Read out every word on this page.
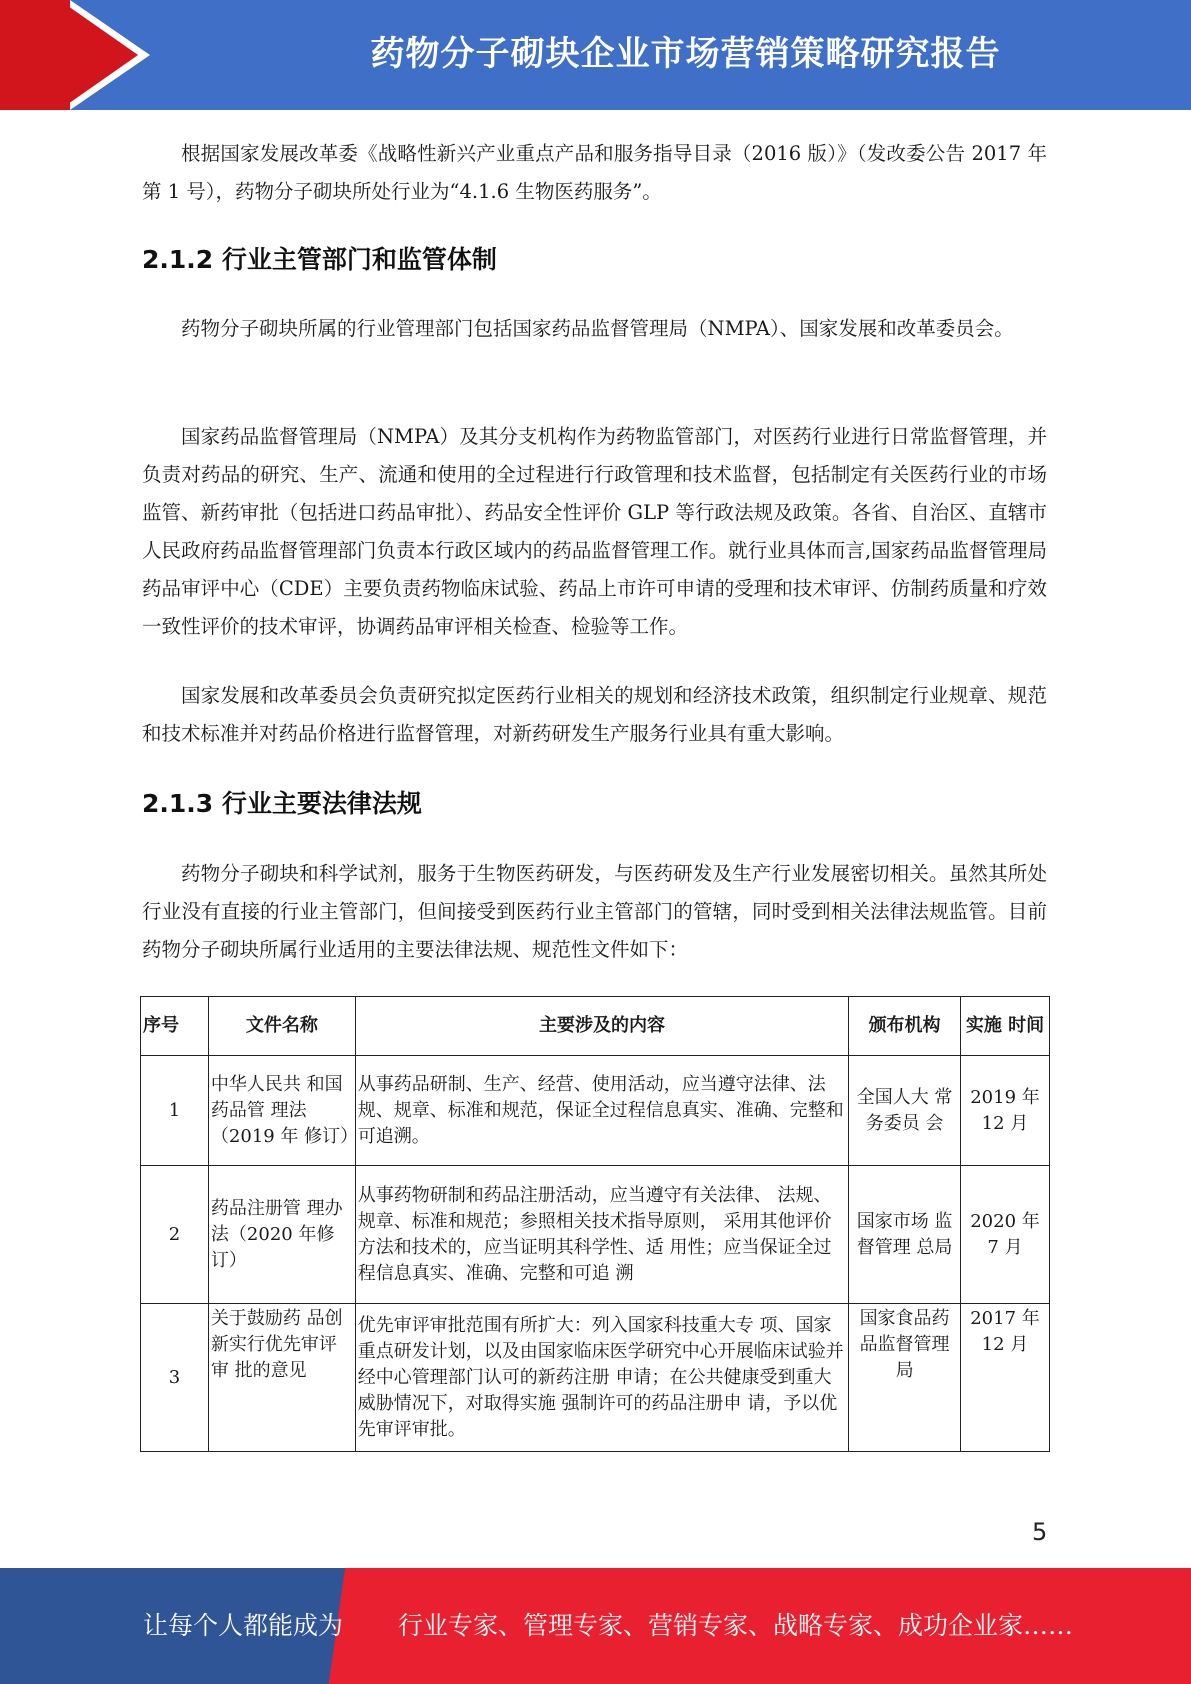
药物分子砌块企业市场营销策略研究报告
根据国家发展改革委《战略性新兴产业重点产品和服务指导目录（2016 版）》（发改委公告 2017 年第 1 号），药物分子砌块所处行业为“4.1.6 生物医药服务”。
2.1.2 行业主管部门和监管体制
药物分子砌块所属的行业管理部门包括国家药品监督管理局（NMPA）、国家发展和改革委员会。
国家药品监督管理局（NMPA）及其分支机构作为药物监管部门，对医药行业进行日常监督管理，并负责对药品的研究、生产、流通和使用的全过程进行行政管理和技术监督，包括制定有关医药行业的市场监管、新药审批（包括进口药品审批）、药品安全性评价 GLP 等行政法规及政策。各省、自治区、直辖市人民政府药品监督管理部门负责本行政区域内的药品监督管理工作。就行业具体而言,国家药品监督管理局药品审评中心（CDE）主要负责药物临床试验、药品上市许可申请的受理和技术审评、仿制药质量和疗效一致性评价的技术审评，协调药品审评相关检查、检验等工作。
国家发展和改革委员会负责研究拟定医药行业相关的规划和经济技术政策，组织制定行业规章、规范和技术标准并对药品价格进行监督管理，对新药研发生产服务行业具有重大影响。
2.1.3 行业主要法律法规
药物分子砌块和科学试剂，服务于生物医药研发，与医药研发及生产行业发展密切相关。虽然其所处行业没有直接的行业主管部门，但间接受到医药行业主管部门的管辖，同时受到相关法律法规监管。目前药物分子砌块所属行业适用的主要法律法规、规范性文件如下：
序号	文件名称	主要涉及的内容	颁布机构	实施 时间
1	中华人民共 和国药品管 理法（2019 年 修订）	从事药品研制、生产、经营、使用活动，应当遵守法律、法规、规章、标准和规范，保证全过程信息真实、准确、完整和可追溯。	全国人大 常务委员 会	2019 年 12 月
2	药品注册管 理办法（2020 年修订）	从事药物研制和药品注册活动，应当遵守有关法律、 法规、规章、标准和规范；参照相关技术指导原则， 采用其他评价方法和技术的，应当证明其科学性、适 用性；应当保证全过程信息真实、准确、完整和可追 溯	国家市场 监督管理 总局	2020 年 7 月
3	关于鼓励药 品创新实行优先审评审 批的意见	优先审评审批范围有所扩大：列入国家科技重大专 项、国家重点研发计划，以及由国家临床医学研究中心开展临床试验并经中心管理部门认可的新药注册 申请；在公共健康受到重大威胁情况下，对取得实施 强制许可的药品注册申 请，予以优先审评审批。	国家食品药品监督管理局	2017 年 12 月
5
让每个人都能成为 行业专家、管理专家、营销专家、战略专家、成功企业家……
